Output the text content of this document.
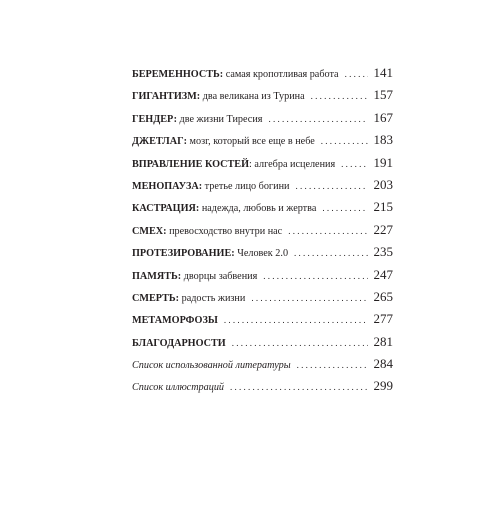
БЕРЕМЕННОСТЬ: самая кропотливая работа . . .	141
ГИГАНТИЗМ: два великана из Турина . . .	157
ГЕНДЕР: две жизни Тиресия . . .	167
ДЖЕТЛАГ: мозг, который все еще в небе . . .	183
ВПРАВЛЕНИЕ КОСТЕЙ: алгебра исцеления . . .	191
МЕНОПАУЗА: третье лицо богини . . .	203
КАСТРАЦИЯ: надежда, любовь и жертва . . .	215
СМЕХ: превосходство внутри нас . . .	227
ПРОТЕЗИРОВАНИЕ: Человек 2.0 . . .	235
ПАМЯТЬ: дворцы забвения . . .	247
СМЕРТЬ: радость жизни . . .	265
МЕТАМОРФОЗЫ . . .	277
БЛАГОДАРНОСТИ . . .	281
Список использованной литературы . . .	284
Список иллюстраций . . .	299
